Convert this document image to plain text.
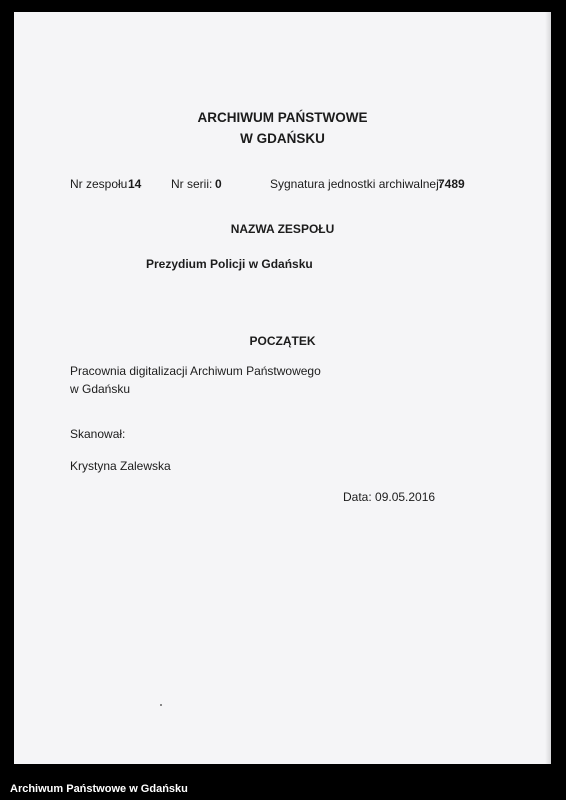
ARCHIWUM PAŃSTWOWE
W GDAŃSKU
Nr zespołu 14 Nr serii: 0	Sygnatura jednostki archiwalnej:
7489
NAZWA ZESPOŁU
Prezydium Policji w Gdańsku
POCZĄTEK
Pracownia digitalizacji Archiwum Państwowego
w Gdańsku
Skanował:
Krystyna Zalewska
Data: 09.05.2016
Archiwum Państwowe w Gdańsku
